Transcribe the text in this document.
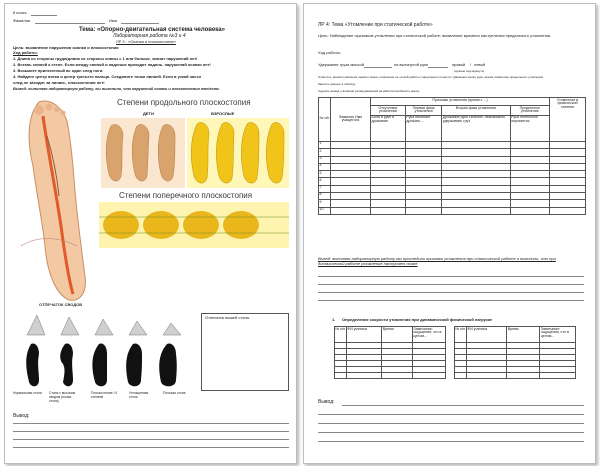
8 класс
Фамилия	Имя
Тема: «Опорно-двигательная система человека»
Лабораторная работа №3 и 4
ЛР 3 : «Осанка и плоскостопие»
Цель: выявление нарушения осанки и плоскостопия
Ход работы:
1. Длина со стороны груди/длина со стороны спины = 1 или больше, значит нарушений нет!
2. Встань спиной к стене. Если между спиной и ладонью проходит ладонь- нарушений осанки нет!
3. Возьмите принесенный вс один след ноги.
4. Найдите центр пятки и центр третьего пальца. Соедините точки линией. Если в узкой части
след не заходит за линию– плоскостопия нет!
Вывод: выполняя лабораторную работу, вы выяснили, что нарушений осанки и плоскостопия нет/есть
Степени продольного плоскостопия
ДЕТИ	ВЗРОСЛЫЕ
Степени поперечного плоскостопия
ОТПЕЧАТОК СВОДОВ
Отпечаток вашей стопы
Нормальная стопа Стопа с высоким сводом (полая стопа)
Плоскостопие I-II степени
Уплощенная стопа
Плоская стопа
Вывод:
ЛР 4: Тема «Утомление при статической работе»
Цель: Наблюдение признаков утомления при статической работе; выявление времени наступления предельного утомления.
Ход работы:
Удержание груза массой	на вытянутой руке	правой / левой
(нужное подчеркнуть)
Отметить: время появления первого звона, появление не четкой работы / нарушения точности / движения мышц руки, время появления предельного утомления
Занести данные в таблицу
Сделать вывод о влиянии ритма движений на работоспособность мышц
№ п/п	Фамилия Имя учащегося	Признаки утомления (время с ...)				Утомление в физической степени
		Отсутствие утомления	Первая фаза утомления	Вторая фаза утомления	Предельное утомление	
		Боли в руке и дрожание	Рука начинает дрожать ...	Дрожание руки сильное, невозможно удерживать груз	Рука полностью опускается	
1						
2						
3						
4						
5						
6						
7						
8						
9						
10						
Вывод: выполняя лабораторную работу мы проследили признаки утомления при статической работе и выяснили, что при динамической работе утомление наступает позже
1. Определение скорости утомления при динамической физической нагрузке
№ п/п	ФИ ученика	Время	Замечание: ощущения, что в целом...

№ п/п	ФИ ученика	Время	Замечание: ощущения, что в целом...

Вывод:
